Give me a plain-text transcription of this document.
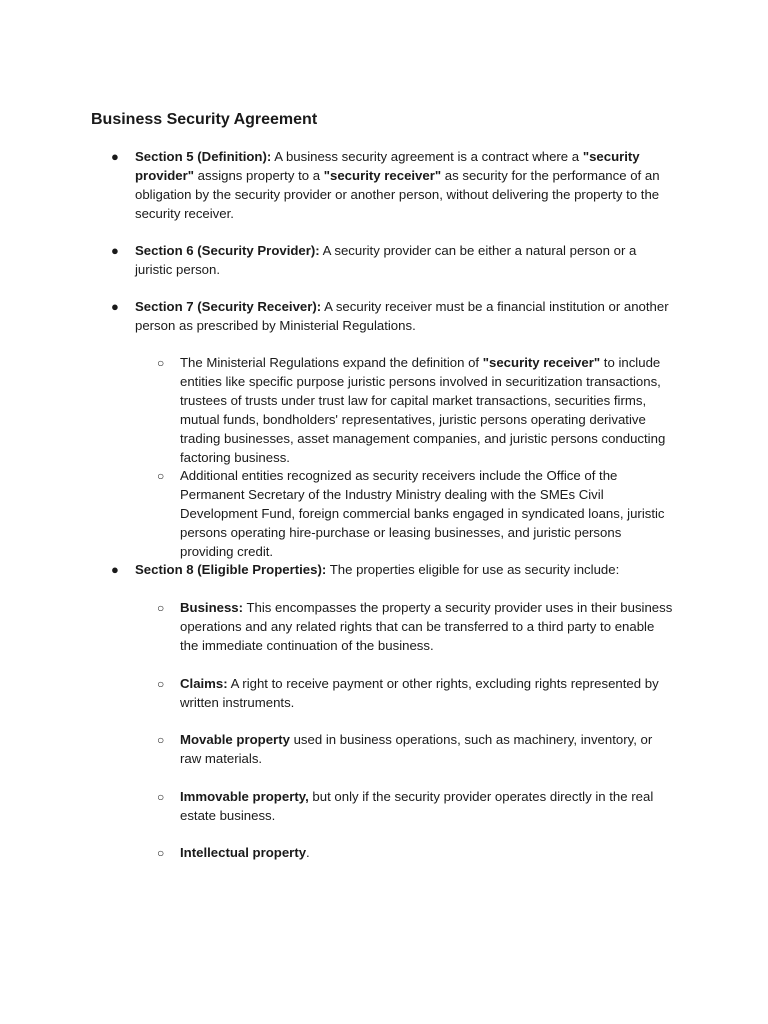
Business Security Agreement
● Section 5 (Definition): A business security agreement is a contract where a "security provider" assigns property to a "security receiver" as security for the performance of an obligation by the security provider or another person, without delivering the property to the security receiver.
● Section 6 (Security Provider): A security provider can be either a natural person or a juristic person.
● Section 7 (Security Receiver): A security receiver must be a financial institution or another person as prescribed by Ministerial Regulations.
○ The Ministerial Regulations expand the definition of "security receiver" to include entities like specific purpose juristic persons involved in securitization transactions, trustees of trusts under trust law for capital market transactions, securities firms, mutual funds, bondholders' representatives, juristic persons operating derivative trading businesses, asset management companies, and juristic persons conducting factoring business.
○ Additional entities recognized as security receivers include the Office of the Permanent Secretary of the Industry Ministry dealing with the SMEs Civil Development Fund, foreign commercial banks engaged in syndicated loans, juristic persons operating hire-purchase or leasing businesses, and juristic persons providing credit.
● Section 8 (Eligible Properties): The properties eligible for use as security include:
○ Business: This encompasses the property a security provider uses in their business operations and any related rights that can be transferred to a third party to enable the immediate continuation of the business.
○ Claims: A right to receive payment or other rights, excluding rights represented by written instruments.
○ Movable property used in business operations, such as machinery, inventory, or raw materials.
○ Immovable property, but only if the security provider operates directly in the real estate business.
○ Intellectual property.
